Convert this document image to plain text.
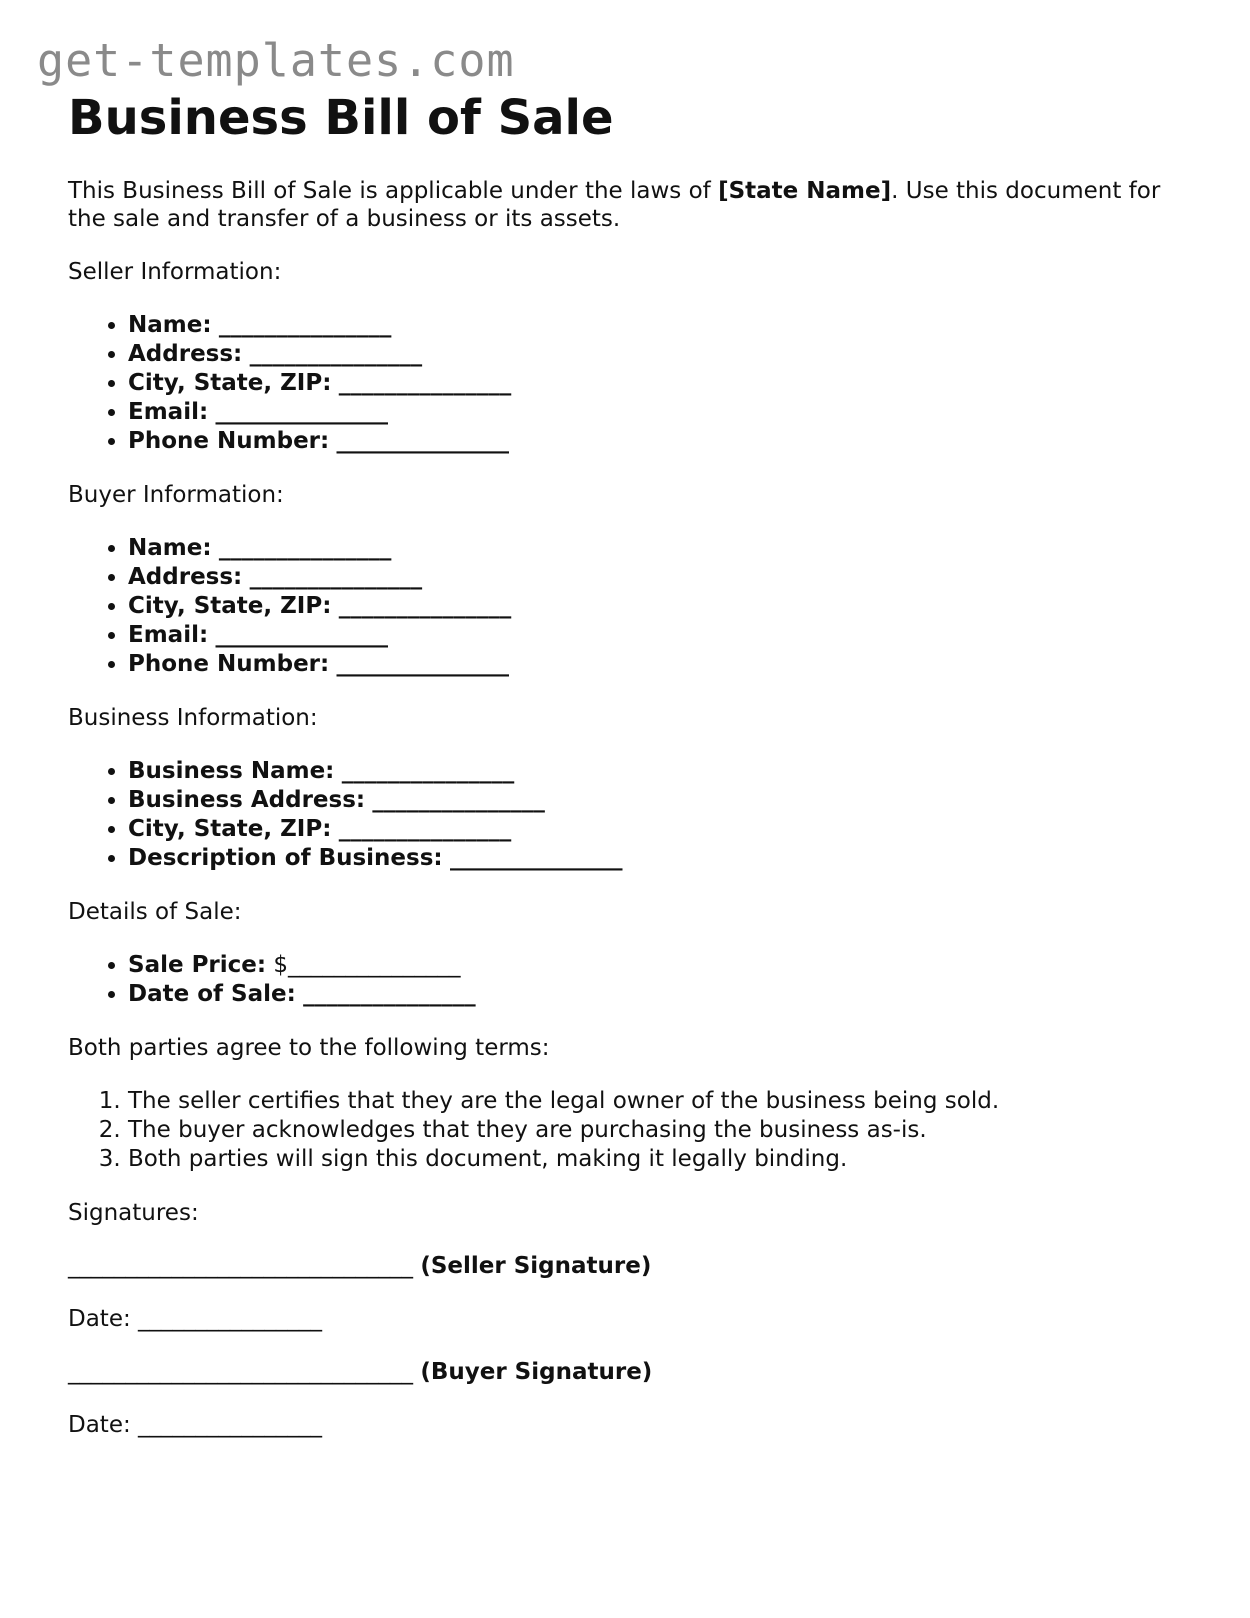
get-templates.com
Business Bill of Sale

This Business Bill of Sale is applicable under the laws of [State Name]. Use this document for the sale and transfer of a business or its assets.

Seller Information:

• Name: _______________
• Address: _______________
• City, State, ZIP: _______________
• Email: _______________
• Phone Number: _______________

Buyer Information:

• Name: _______________
• Address: _______________
• City, State, ZIP: _______________
• Email: _______________
• Phone Number: _______________

Business Information:

• Business Name: _______________
• Business Address: _______________
• City, State, ZIP: _______________
• Description of Business: _______________

Details of Sale:

• Sale Price: $_______________
• Date of Sale: _______________

Both parties agree to the following terms:

1. The seller certifies that they are the legal owner of the business being sold.
2. The buyer acknowledges that they are purchasing the business as-is.
3. Both parties will sign this document, making it legally binding.

Signatures:

______________________________ (Seller Signature)

Date: ________________

______________________________ (Buyer Signature)

Date: ________________
